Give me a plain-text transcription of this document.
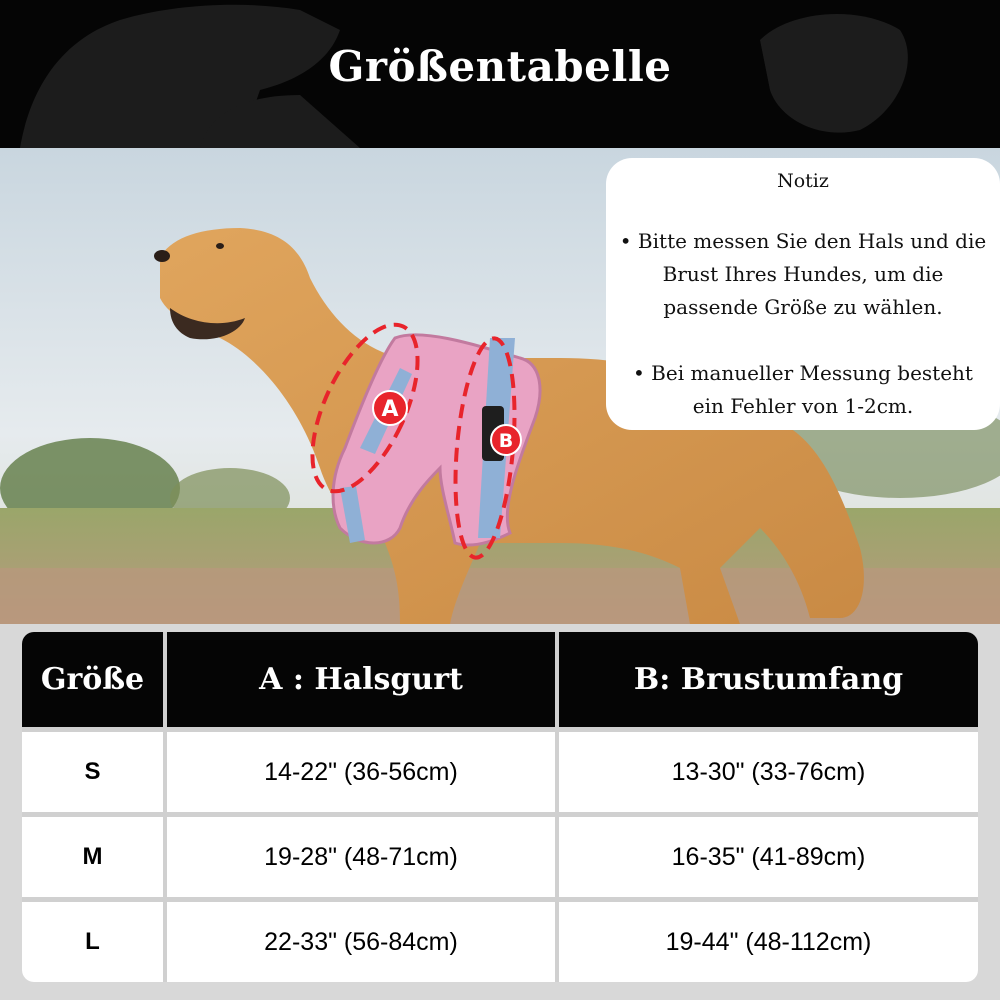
Größentabelle
A
B
Notiz
• Bitte messen Sie den Hals und die Brust Ihres Hundes, um die passende Größe zu wählen.
• Bei manueller Messung besteht ein Fehler von 1-2cm.
Größe	A : Halsgurt	B: Brustumfang
S	14-22" (36-56cm)	13-30" (33-76cm)
M	19-28" (48-71cm)	16-35" (41-89cm)
L	22-33" (56-84cm)	19-44" (48-112cm)
